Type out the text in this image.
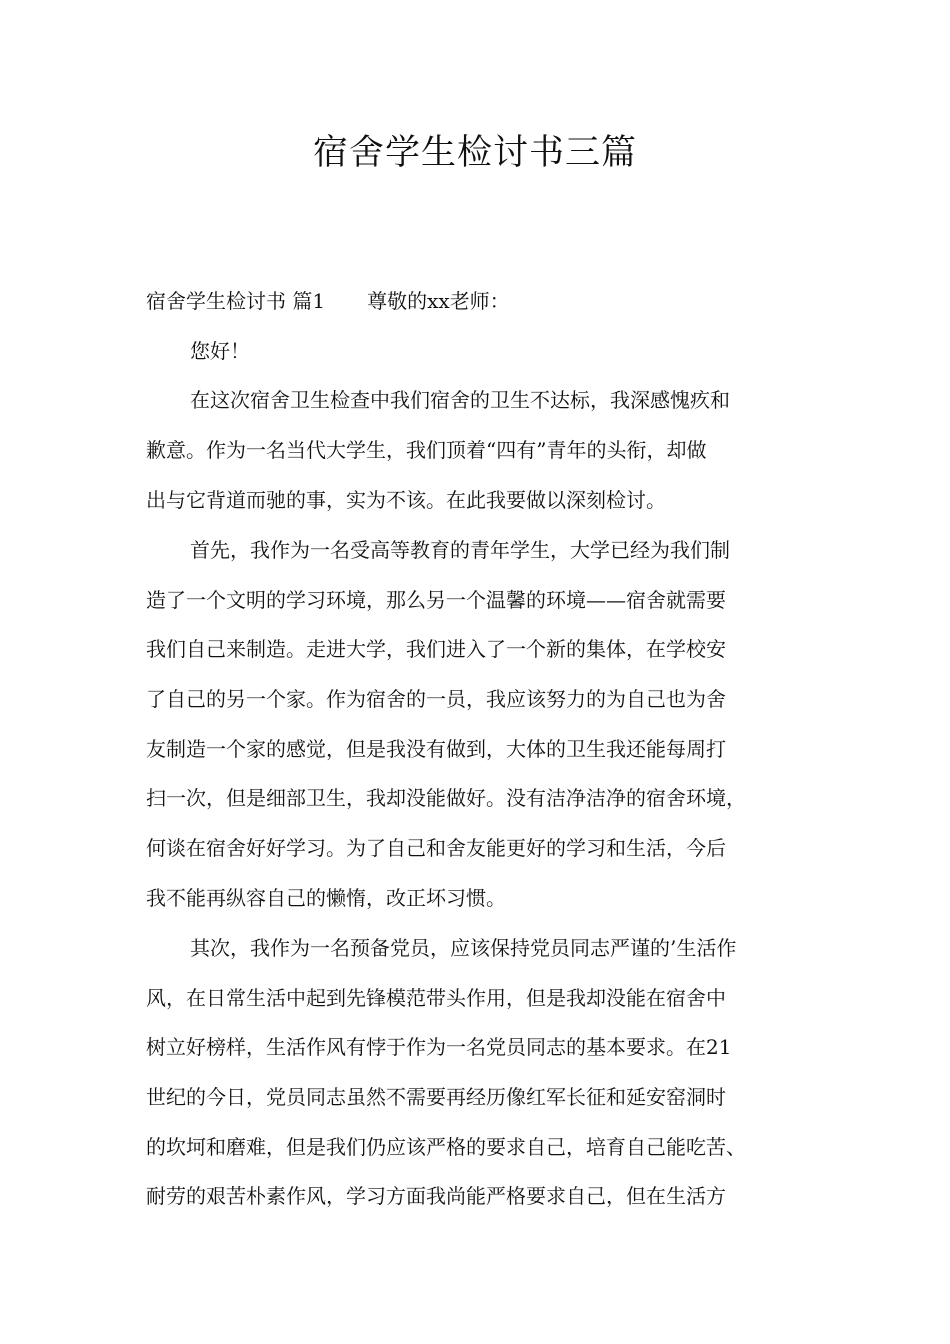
宿舍学生检讨书三篇
宿舍学生检讨书 篇1 尊敬的xx老师：
您好！
在这次宿舍卫生检查中我们宿舍的卫生不达标，我深感愧疚和
歉意。作为一名当代大学生，我们顶着“四有”青年的头衔，却做
出与它背道而驰的事，实为不该。在此我要做以深刻检讨。
首先，我作为一名受高等教育的青年学生，大学已经为我们制
造了一个文明的学习环境，那么另一个温馨的环境——宿舍就需要
我们自己来制造。走进大学，我们进入了一个新的集体，在学校安
了自己的另一个家。作为宿舍的一员，我应该努力的为自己也为舍
友制造一个家的感觉，但是我没有做到，大体的卫生我还能每周打
扫一次，但是细部卫生，我却没能做好。没有洁净洁净的宿舍环境，
何谈在宿舍好好学习。为了自己和舍友能更好的学习和生活，今后
我不能再纵容自己的懒惰，改正坏习惯。
其次，我作为一名预备党员，应该保持党员同志严谨的’生活作
风，在日常生活中起到先锋模范带头作用，但是我却没能在宿舍中
树立好榜样，生活作风有悖于作为一名党员同志的基本要求。在21
世纪的今日，党员同志虽然不需要再经历像红军长征和延安窑洞时
的坎坷和磨难，但是我们仍应该严格的要求自己，培育自己能吃苦、
耐劳的艰苦朴素作风，学习方面我尚能严格要求自己，但在生活方
